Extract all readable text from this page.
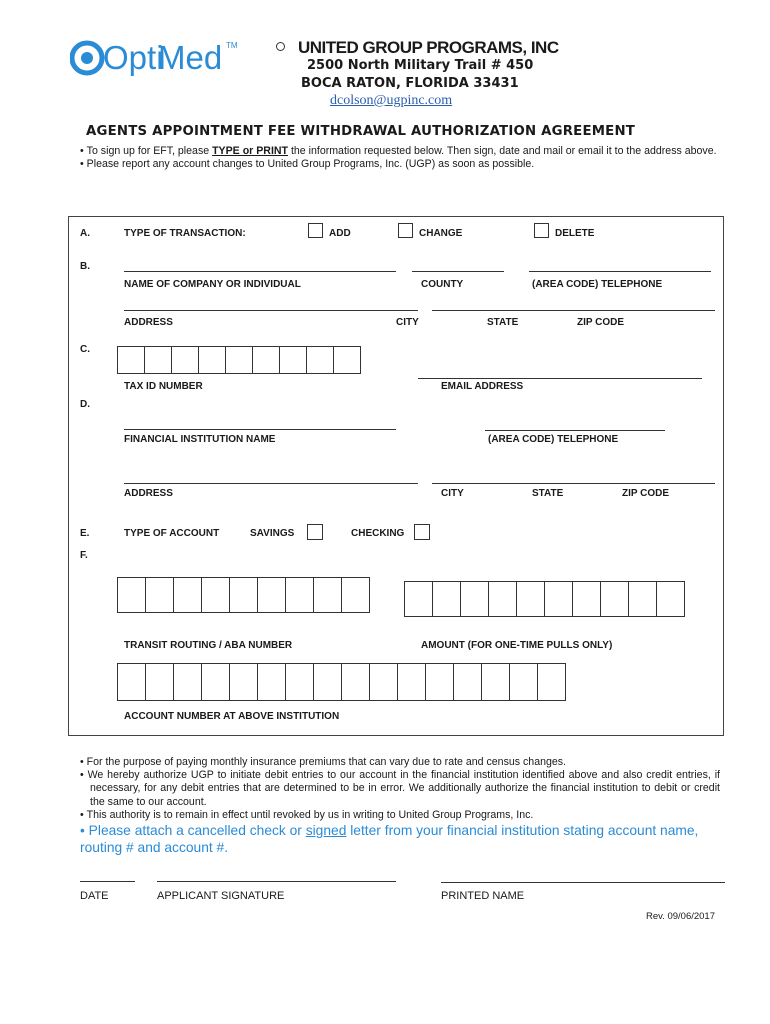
Opti
Med TM	UNITED GROUP PROGRAMS, INC
2500 North Military Trail # 450
BOCA RATON, FLORIDA 33431
dcolson@ugpinc.com
AGENTS APPOINTMENT FEE WITHDRAWAL AUTHORIZATION AGREEMENT

• To sign up for EFT, please TYPE or PRINT the information requested below. Then sign, date and mail or email it to the address above.

• Please report any account changes to United Group Programs, Inc. (UGP) as soon as possible.

A.	TYPE OF TRANSACTION:	ADD	CHANGE	DELETE
B.
NAME OF COMPANY OR INDIVIDUAL	COUNTY	(AREA CODE) TELEPHONE
ADDRESS	CITY	STATE	ZIP CODE
C.
TAX ID NUMBER	EMAIL ADDRESS
D.
FINANCIAL INSTITUTION NAME	(AREA CODE) TELEPHONE
ADDRESS	CITY	STATE	ZIP CODE
E.	TYPE OF ACCOUNT	SAVINGS	CHECKING
F.
TRANSIT ROUTING / ABA NUMBER	AMOUNT (FOR ONE-TIME PULLS ONLY)
ACCOUNT NUMBER AT ABOVE INSTITUTION

• For the purpose of paying monthly insurance premiums that can vary due to rate and census changes.

• We hereby authorize UGP to initiate debit entries to our account in the financial institution identified above and also credit entries, if necessary, for any debit entries that are determined to be in error. We additionally authorize the financial institution to debit or credit the same to our account.

• This authority is to remain in effect until revoked by us in writing to United Group Programs, Inc.

• Please attach a cancelled check or signed letter from your financial institution stating account name, routing # and account #.
DATE	APPLICANT SIGNATURE	PRINTED NAME
Rev. 09/06/2017
